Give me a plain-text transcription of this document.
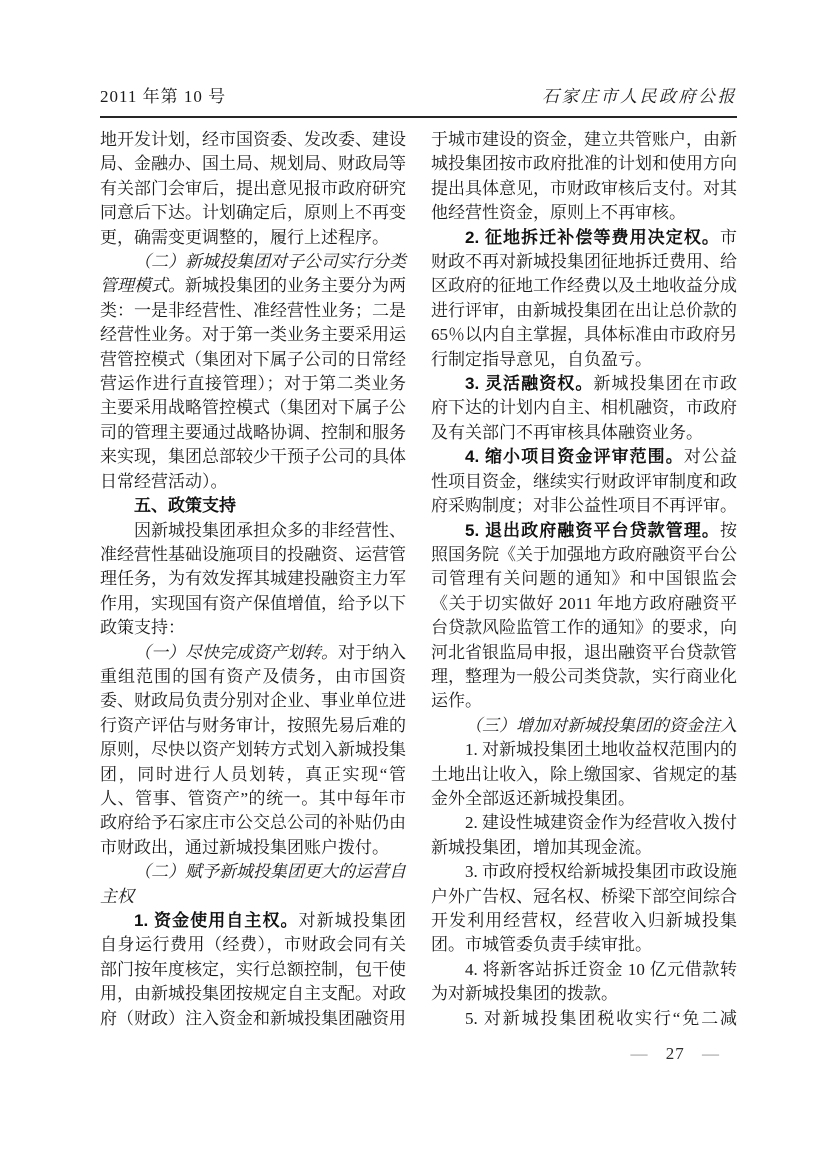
2011 年第 10 号	石家庄市人民政府公报

地开发计划，经市国资委、发改委、建设局、金融办、国土局、规划局、财政局等有关部门会审后，提出意见报市政府研究同意后下达。计划确定后，原则上不再变更，确需变更调整的，履行上述程序。

（二）新城投集团对子公司实行分类管理模式。新城投集团的业务主要分为两类：一是非经营性、准经营性业务；二是经营性业务。对于第一类业务主要采用运营管控模式（集团对下属子公司的日常经营运作进行直接管理）；对于第二类业务主要采用战略管控模式（集团对下属子公司的管理主要通过战略协调、控制和服务来实现，集团总部较少干预子公司的具体日常经营活动）。

五、政策支持

因新城投集团承担众多的非经营性、准经营性基础设施项目的投融资、运营管理任务，为有效发挥其城建投融资主力军作用，实现国有资产保值增值，给予以下政策支持：

（一）尽快完成资产划转。对于纳入重组范围的国有资产及债务，由市国资委、财政局负责分别对企业、事业单位进行资产评估与财务审计，按照先易后难的原则，尽快以资产划转方式划入新城投集团，同时进行人员划转，真正实现“管人、管事、管资产”的统一。其中每年市政府给予石家庄市公交总公司的补贴仍由市财政出，通过新城投集团账户拨付。

（二）赋予新城投集团更大的运营自主权

1. 资金使用自主权。对新城投集团自身运行费用（经费），市财政会同有关部门按年度核定，实行总额控制，包干使用，由新城投集团按规定自主支配。对政府（财政）注入资金和新城投集团融资用

于城市建设的资金，建立共管账户，由新城投集团按市政府批准的计划和使用方向提出具体意见，市财政审核后支付。对其他经营性资金，原则上不再审核。

2. 征地拆迁补偿等费用决定权。市财政不再对新城投集团征地拆迁费用、给区政府的征地工作经费以及土地收益分成进行评审，由新城投集团在出让总价款的65％以内自主掌握，具体标准由市政府另行制定指导意见，自负盈亏。

3. 灵活融资权。新城投集团在市政府下达的计划内自主、相机融资，市政府及有关部门不再审核具体融资业务。

4. 缩小项目资金评审范围。对公益性项目资金，继续实行财政评审制度和政府采购制度；对非公益性项目不再评审。

5. 退出政府融资平台贷款管理。按照国务院《关于加强地方政府融资平台公司管理有关问题的通知》和中国银监会《关于切实做好 2011 年地方政府融资平台贷款风险监管工作的通知》的要求，向河北省银监局申报，退出融资平台贷款管理，整理为一般公司类贷款，实行商业化运作。

（三）增加对新城投集团的资金注入

1. 对新城投集团土地收益权范围内的土地出让收入，除上缴国家、省规定的基金外全部返还新城投集团。

2. 建设性城建资金作为经营收入拨付新城投集团，增加其现金流。

3. 市政府授权给新城投集团市政设施户外广告权、冠名权、桥梁下部空间综合开发利用经营权，经营收入归新城投集团。市城管委负责手续审批。

4. 将新客站拆迁资金 10 亿元借款转为对新城投集团的拨款。

5. 对新城投集团税收实行“免二减

— 27 —
